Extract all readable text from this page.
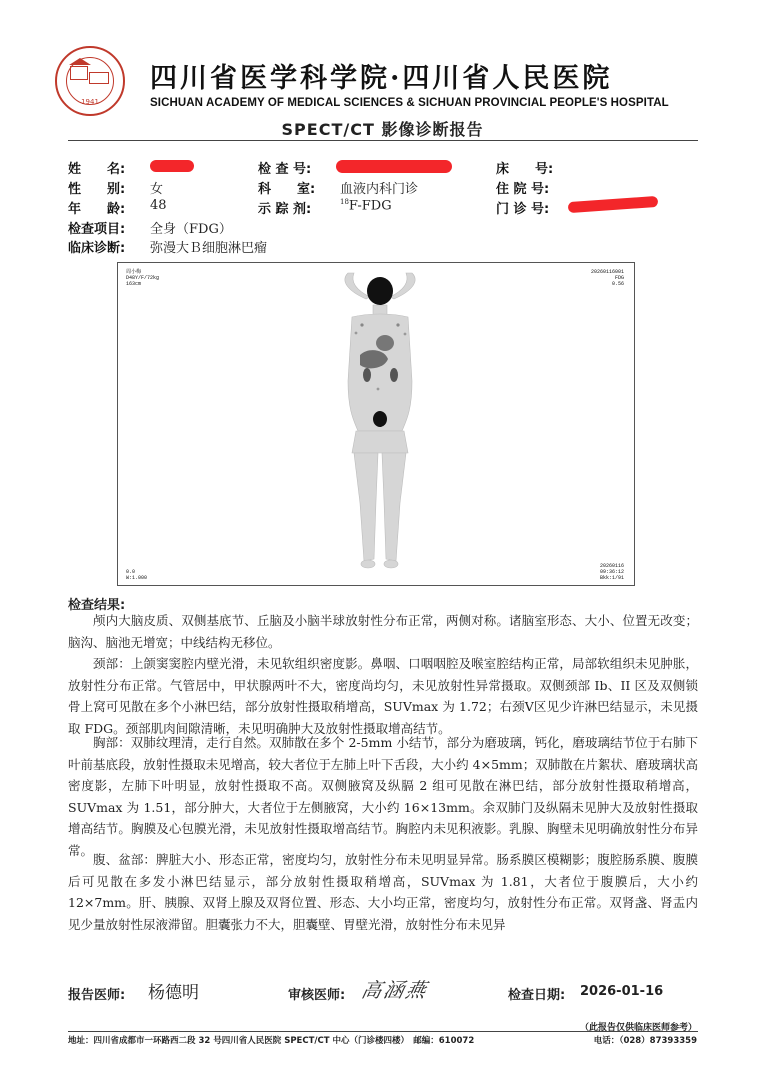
1941
四川省医学科学院·四川省人民医院
SICHUAN ACADEMY OF MEDICAL SCIENCES & SICHUAN PROVINCIAL PEOPLE'S HOSPITAL
SPECT/CT 影像诊断报告
姓　　名:
性　　别: 女
年　　龄: 48
检 查 号:
科　　室: 血液内科门诊
示 踪 剂:	$^{18}$F-FDG
床　　号:
住 院 号:
门 诊 号:
检查项目: 全身（FDG）
临床诊断: 弥漫大Ｂ细胞淋巴瘤
周小梅
D48Y/F/72kg
163cm
20260116001
FDG
0.56
0.0
W:1.000
20260116
09:36:12
Bkk:1/91
检查结果:

颅内大脑皮质、双侧基底节、丘脑及小脑半球放射性分布正常，两侧对称。诸脑室形态、大小、位置无改变；脑沟、脑池无增宽；中线结构无移位。

颈部：上颌窦窦腔内壁光滑，未见软组织密度影。鼻咽、口咽咽腔及喉室腔结构正常，局部软组织未见肿胀，放射性分布正常。气管居中，甲状腺两叶不大，密度尚均匀，未见放射性异常摄取。双侧颈部 Ib、II 区及双侧锁骨上窝可见散在多个小淋巴结，部分放射性摄取稍增高，SUVmax 为 1.72；右颈Ⅴ区见少许淋巴结显示，未见摄取 FDG。颈部肌肉间隙清晰，未见明确肿大及放射性摄取增高结节。

胸部：双肺纹理清，走行自然。双肺散在多个 2-5mm 小结节，部分为磨玻璃，钙化，磨玻璃结节位于右肺下叶前基底段，放射性摄取未见增高，较大者位于左肺上叶下舌段，大小约 4×5mm；双肺散在片絮状、磨玻璃状高密度影，左肺下叶明显，放射性摄取不高。双侧腋窝及纵膈 2 组可见散在淋巴结，部分放射性摄取稍增高，SUVmax 为 1.51，部分肿大，大者位于左侧腋窝，大小约 16×13mm。余双肺门及纵隔未见肿大及放射性摄取增高结节。胸膜及心包膜光滑，未见放射性摄取增高结节。胸腔内未见积液影。乳腺、胸壁未见明确放射性分布异常。

腹、盆部：脾脏大小、形态正常，密度均匀，放射性分布未见明显异常。肠系膜区模糊影；腹腔肠系膜、腹膜后可见散在多发小淋巴结显示，部分放射性摄取稍增高，SUVmax 为 1.81，大者位于腹膜后，大小约 12×7mm。肝、胰腺、双肾上腺及双肾位置、形态、大小均正常，密度均匀，放射性分布正常。双肾盏、肾盂内见少量放射性尿液滞留。胆囊张力不大，胆囊壁、胃壁光滑，放射性分布未见异

报告医师: 杨德明	审核医师: 高涵燕	检查日期: 2026-01-16
（此报告仅供临床医师参考）
地址：四川省成都市一环路西二段 32 号四川省人民医院 SPECT/CT 中心（门诊楼四楼）　邮编：610072	电话：（028）87393359
